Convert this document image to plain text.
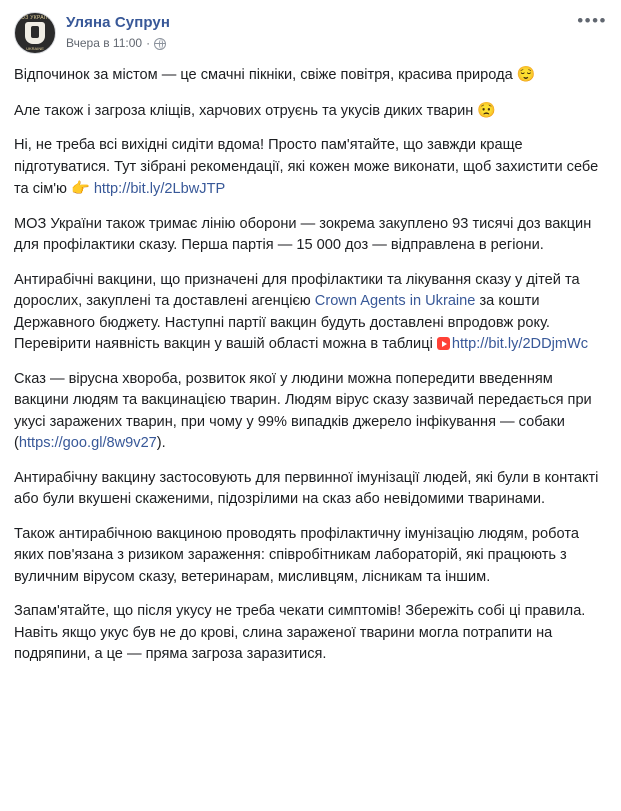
МОЗ УКРАЇНИ
UKRAINE
Уляна Супрун
Вчера в 11:00 ·
••••
Відпочинок за містом — це смачні пікніки, свіже повітря, красива природа 😌
Але також і загроза кліщів, харчових отруєнь та укусів диких тварин 😟
Ні, не треба всі вихідні сидіти вдома! Просто пам'ятайте, що завжди краще підготуватися. Тут зібрані рекомендації, які кожен може виконати, щоб захистити себе та сім'ю 👉 http://bit.ly/2LbwJTP
МОЗ України також тримає лінію оборони — зокрема закуплено 93 тисячі доз вакцин для профілактики сказу. Перша партія — 15 000 доз — відправлена в регіони.
Антирабічні вакцини, що призначені для профілактики та лікування сказу у дітей та дорослих, закуплені та доставлені агенцією Crown Agents in Ukraine за кошти Державного бюджету. Наступні партії вакцин будуть доставлені впродовж року. Перевірити наявність вакцин у вашій області можна в таблиці http://bit.ly/2DDjmWc
Сказ — вірусна хвороба, розвиток якої у людини можна попередити введенням вакцини людям та вакцинацією тварин. Людям вірус сказу зазвичай передається при укусі заражених тварин, при чому у 99% випадків джерело інфікування — собаки (https://goo.gl/8w9v27).
Антирабічну вакцину застосовують для первинної імунізації людей, які були в контакті або були вкушені скаженими, підозрілими на сказ або невідомими тваринами.
Також антирабічною вакциною проводять профілактичну імунізацію людям, робота яких пов'язана з ризиком зараження: співробітникам лабораторій, які працюють з вуличним вірусом сказу, ветеринарам, мисливцям, лісникам та іншим.
Запам'ятайте, що після укусу не треба чекати симптомів! Збережіть собі ці правила. Навіть якщо укус був не до крові, слина зараженої тварини могла потрапити на подряпини, а це — пряма загроза заразитися.
